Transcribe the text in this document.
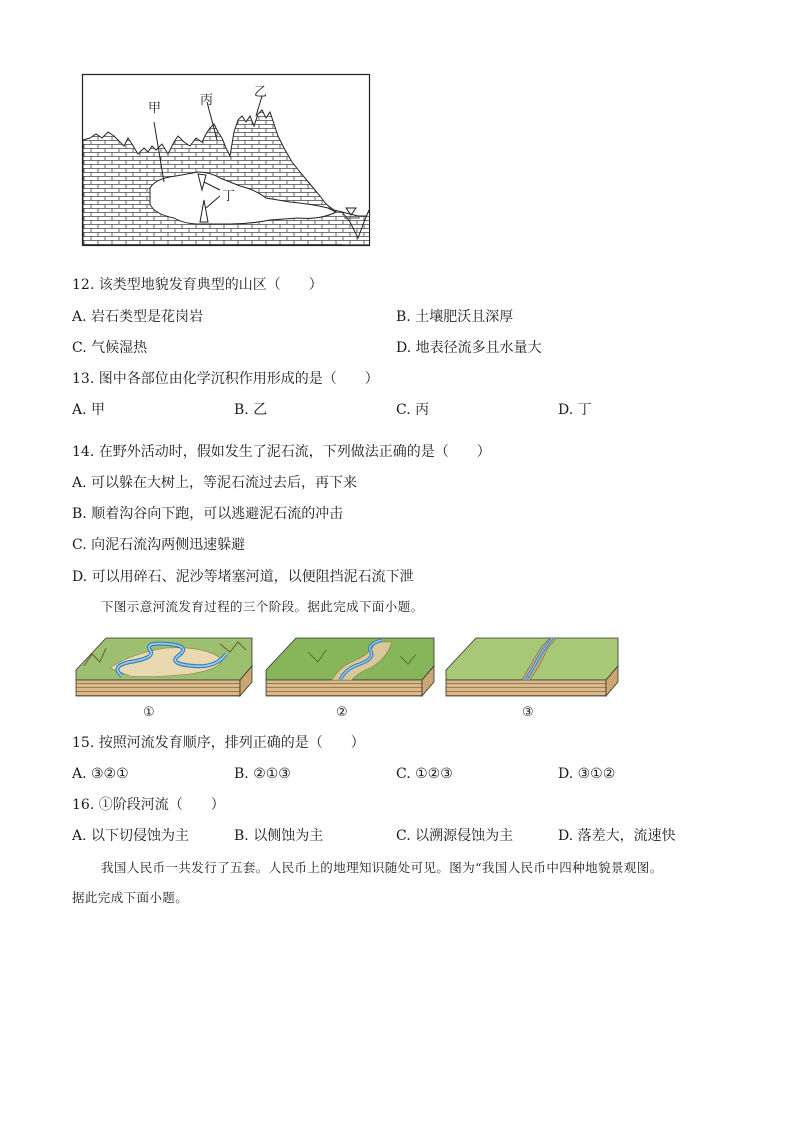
甲
丙
乙
丁
12. 该类型地貌发育典型的山区（　　）
A. 岩石类型是花岗岩	B. 土壤肥沃且深厚
C. 气候湿热	D. 地表径流多且水量大
13. 图中各部位由化学沉积作用形成的是（　　）
A. 甲	B. 乙	C. 丙	D. 丁
14. 在野外活动时，假如发生了泥石流，下列做法正确的是（　　）
A. 可以躲在大树上，等泥石流过去后，再下来
B. 顺着沟谷向下跑，可以逃避泥石流的冲击
C. 向泥石流沟两侧迅速躲避
D. 可以用碎石、泥沙等堵塞河道，以便阻挡泥石流下泄
下图示意河流发育过程的三个阶段。据此完成下面小题。
①	②	③
15. 按照河流发育顺序，排列正确的是（　　）
A. ③②①	B. ②①③	C. ①②③	D. ③①②
16. ①阶段河流（　　）
A. 以下切侵蚀为主	B. 以侧蚀为主	C. 以溯源侵蚀为主	D. 落差大，流速快
我国人民币一共发行了五套。人民币上的地理知识随处可见。图为“我国人民币中四种地貌景观图。
据此完成下面小题。
